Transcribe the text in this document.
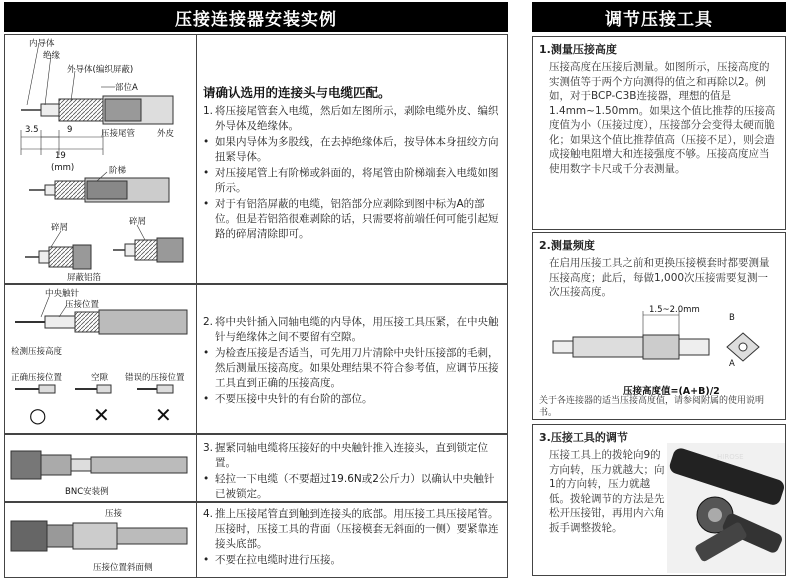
压接连接器安装实例	调节压接工具
内导体
绝缘
外导体(编织屏蔽)
部位A
3.5	9
19
(mm)
压接尾管	外皮
阶梯
碎屑
碎屑
屏蔽铝箔
请确认选用的连接头与电缆匹配。
1. 将压接尾管套入电缆，然后如左图所示，剥除电缆外皮、编织外导体及绝缘体。
• 如果内导体为多股线，在去掉绝缘体后，按导体本身扭绞方向扭紧导体。
• 对压接尾管上有阶梯或斜面的，将尾管由阶梯端套入电缆如图所示。
• 对于有铝箔屏蔽的电缆，铝箔部分应剥除到图中标为A的部位。但是若铝箔很难剥除的话，只需要将前端任何可能引起短路的碎屑清除即可。
中央触针
压接位置
检测压接高度
正确压接位置	空隙 错误的压接位置
○ ✕ ✕
2. 将中央针插入同轴电缆的内导体，用压接工具压紧，在中央触针与绝缘体之间不要留有空隙。
• 为检查压接是否适当，可先用刀片清除中央针压接部的毛刺，然后测量压接高度。如果处理结果不符合参考值，应调节压接工具直到正确的压接高度。
• 不要压接中央针的有台阶的部位。
BNC安装例
3. 握紧同轴电缆将压接好的中央触针推入连接头，直到锁定位置。
• 轻拉一下电缆（不要超过19.6N或2公斤力）以确认中央触针已被锁定。
压接
压接位置斜面侧
4. 推上压接尾管直到触到连接头的底部。用压接工具压接尾管。压接时，压接工具的背面（压接模套无斜面的一侧）要紧靠连接头底部。
• 不要在拉电缆时进行压接。
1.测量压接高度
压接高度在压接后测量。如图所示，压接高度的实测值等于两个方向测得的值之和再除以2。例如，对于BCP-C3B连接器，理想的值是1.4mm~1.50mm。如果这个值比推荐的压接高度值为小（压接过度），压接部分会变得太硬而脆化；如果这个值比推荐值高（压接不足），则会造成接触电阻增大和连接强度不够。压接高度应当使用数字卡尺或千分表测量。
2.测量频度
在启用压接工具之前和更换压接模套时都要测量压接高度；此后，每做1,000次压接需要复测一次压接高度。
1.5~2.0mm
B
A
压接高度值=(A+B)/2
关于各连接器的适当压接高度值，请参阅附属的使用说明书。
3.压接工具的调节
压接工具上的拨轮向9的方向转，压力就越大；向1的方向转，压力就越低。拨轮调节的方法是先松开压接钳，再用内六角扳手调整拨轮。
HIROSE
